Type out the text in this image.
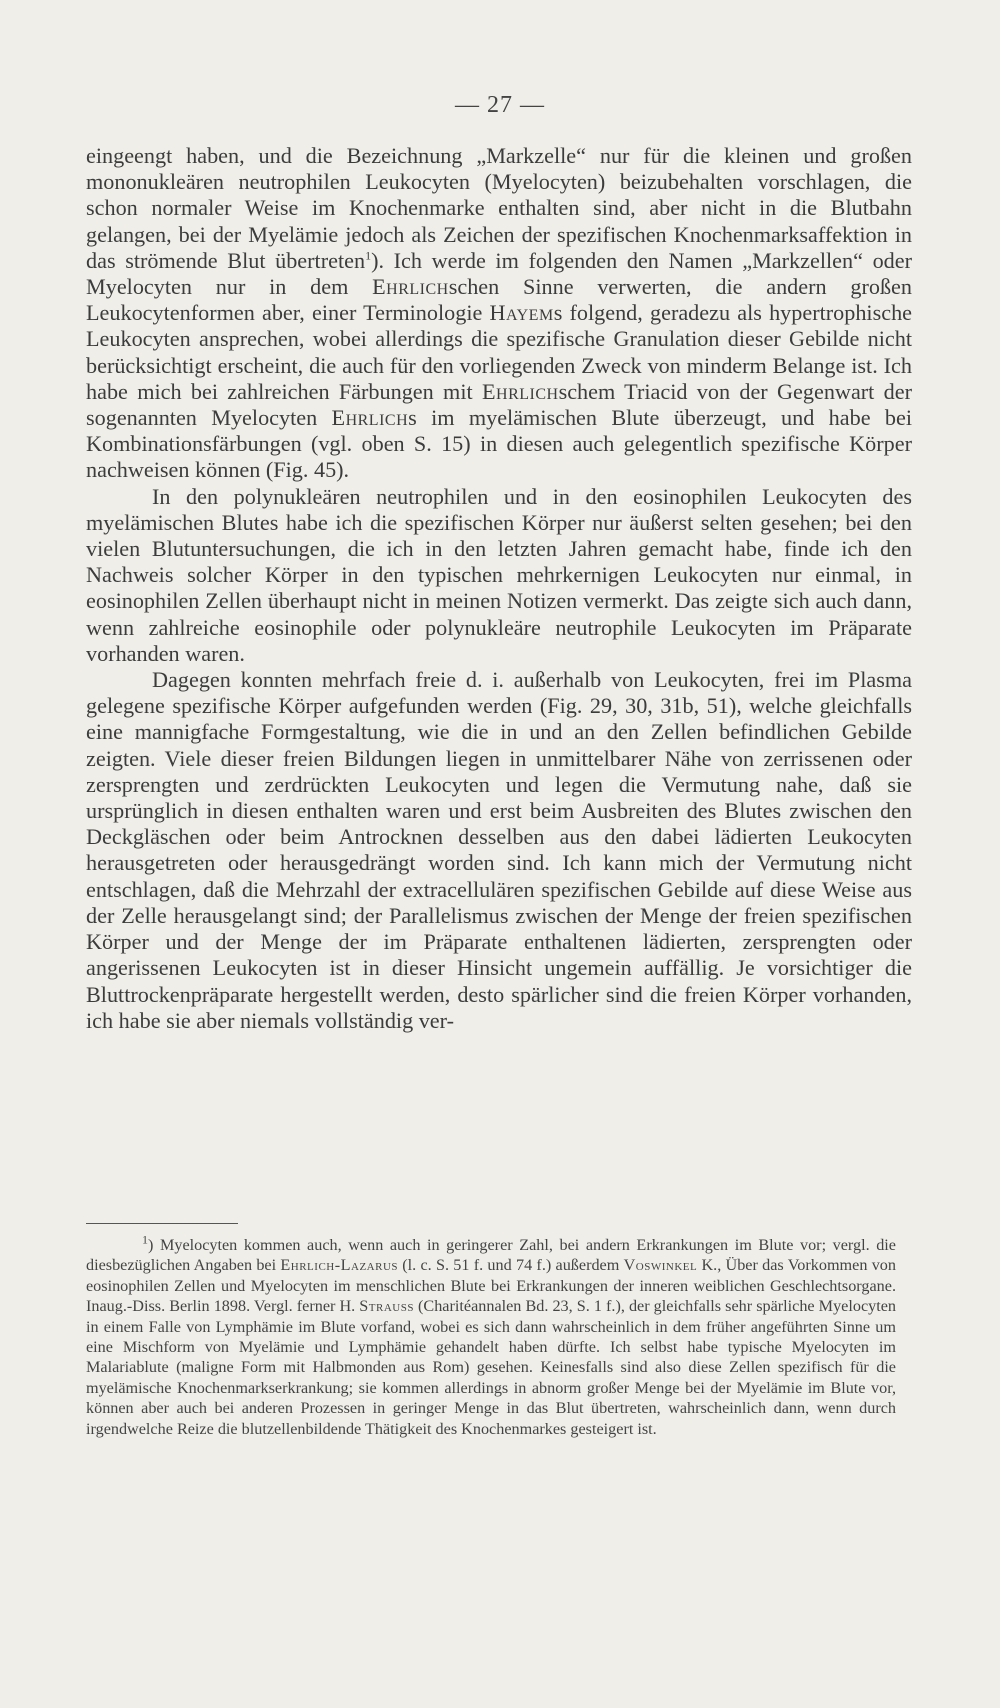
— 27 —

eingeengt haben, und die Bezeichnung „Markzelle“ nur für die kleinen und großen mononukleären neutrophilen Leukocyten (Myelocyten) beizubehalten vorschlagen, die schon normaler Weise im Knochenmarke enthalten sind, aber nicht in die Blutbahn gelangen, bei der Myelämie jedoch als Zeichen der spezifischen Knochenmarksaffektion in das strömende Blut übertreten$^1$). Ich werde im folgenden den Namen „Markzellen“ oder Myelocyten nur in dem Ehrlichschen Sinne verwerten, die andern großen Leukocytenformen aber, einer Terminologie Hayems folgend, geradezu als hypertrophische Leukocyten ansprechen, wobei allerdings die spezifische Granulation dieser Gebilde nicht berücksichtigt erscheint, die auch für den vorliegenden Zweck von minderm Belange ist. Ich habe mich bei zahlreichen Färbungen mit Ehrlichschem Triacid von der Gegenwart der sogenannten Myelocyten Ehrlichs im myelämischen Blute überzeugt, und habe bei Kombinationsfärbungen (vgl. oben S. 15) in diesen auch gelegentlich spezifische Körper nachweisen können (Fig. 45).

In den polynukleären neutrophilen und in den eosinophilen Leukocyten des myelämischen Blutes habe ich die spezifischen Körper nur äußerst selten gesehen; bei den vielen Blutuntersuchungen, die ich in den letzten Jahren gemacht habe, finde ich den Nachweis solcher Körper in den typischen mehrkernigen Leukocyten nur einmal, in eosinophilen Zellen überhaupt nicht in meinen Notizen vermerkt. Das zeigte sich auch dann, wenn zahlreiche eosinophile oder polynukleäre neutrophile Leukocyten im Präparate vorhanden waren.

Dagegen konnten mehrfach freie d. i. außerhalb von Leukocyten, frei im Plasma gelegene spezifische Körper aufgefunden werden (Fig. 29, 30, 31b, 51), welche gleichfalls eine mannigfache Formgestaltung, wie die in und an den Zellen befindlichen Gebilde zeigten. Viele dieser freien Bildungen liegen in unmittelbarer Nähe von zerrissenen oder zersprengten und zerdrückten Leukocyten und legen die Vermutung nahe, daß sie ursprünglich in diesen enthalten waren und erst beim Ausbreiten des Blutes zwischen den Deckgläschen oder beim Antrocknen desselben aus den dabei lädierten Leukocyten herausgetreten oder herausgedrängt worden sind. Ich kann mich der Vermutung nicht entschlagen, daß die Mehrzahl der extracellulären spezifischen Gebilde auf diese Weise aus der Zelle herausgelangt sind; der Parallelismus zwischen der Menge der freien spezifischen Körper und der Menge der im Präparate enthaltenen lädierten, zersprengten oder angerissenen Leukocyten ist in dieser Hinsicht ungemein auffällig. Je vorsichtiger die Bluttrockenpräparate hergestellt werden, desto spärlicher sind die freien Körper vorhanden, ich habe sie aber niemals vollständig ver-

$^1$) Myelocyten kommen auch, wenn auch in geringerer Zahl, bei andern Erkrankungen im Blute vor; vergl. die diesbezüglichen Angaben bei Ehrlich-Lazarus (l. c. S. 51 f. und 74 f.) außerdem Voswinkel K., Über das Vorkommen von eosinophilen Zellen und Myelocyten im menschlichen Blute bei Erkrankungen der inneren weiblichen Geschlechtsorgane. Inaug.-Diss. Berlin 1898. Vergl. ferner H. Strauss (Charitéannalen Bd. 23, S. 1 f.), der gleichfalls sehr spärliche Myelocyten in einem Falle von Lymphämie im Blute vorfand, wobei es sich dann wahrscheinlich in dem früher angeführten Sinne um eine Mischform von Myelämie und Lymphämie gehandelt haben dürfte. Ich selbst habe typische Myelocyten im Malariablute (maligne Form mit Halbmonden aus Rom) gesehen. Keinesfalls sind also diese Zellen spezifisch für die myelämische Knochenmarkserkrankung; sie kommen allerdings in abnorm großer Menge bei der Myelämie im Blute vor, können aber auch bei anderen Prozessen in geringer Menge in das Blut übertreten, wahrscheinlich dann, wenn durch irgendwelche Reize die blutzellenbildende Thätigkeit des Knochenmarkes gesteigert ist.
